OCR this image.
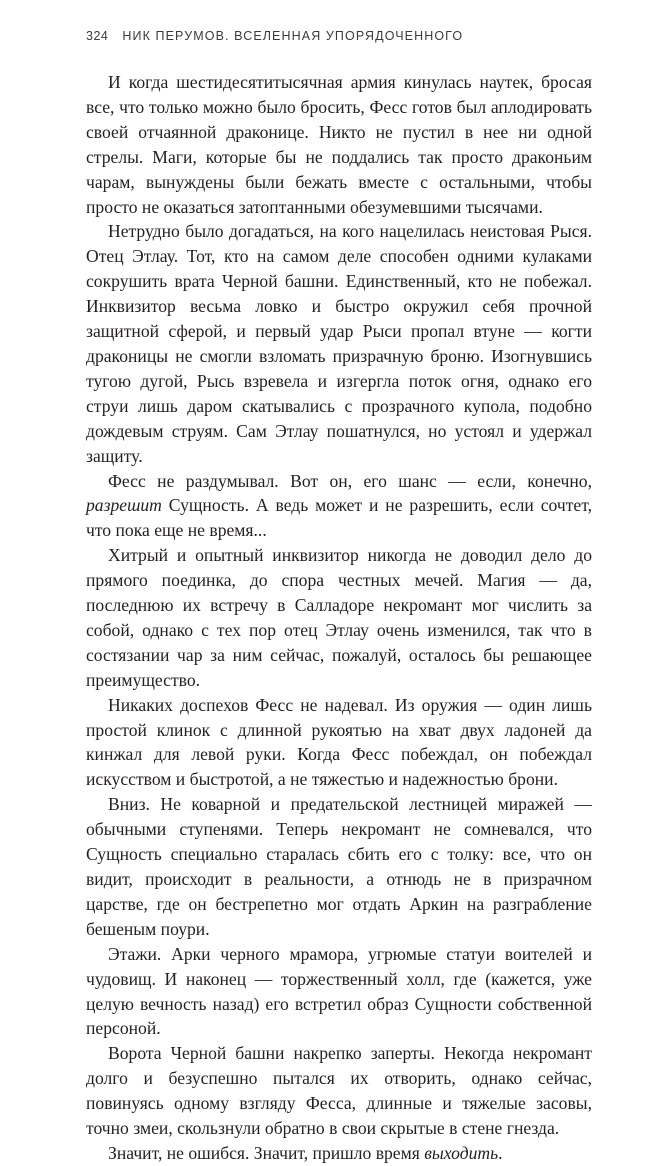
324 НИК ПЕРУМОВ. ВСЕЛЕННАЯ УПОРЯДОЧЕННОГО

И когда шестидесятитысячная армия кинулась наутек, бросая все, что только можно было бросить, Фесс готов был аплодировать своей отчаянной драконице. Никто не пустил в нее ни одной стрелы. Маги, которые бы не поддались так просто драконьим чарам, вынуждены были бежать вместе с остальными, чтобы просто не оказаться затоптанными обезумевшими тысячами.

Нетрудно было догадаться, на кого нацелилась неистовая Рыся. Отец Этлау. Тот, кто на самом деле способен одними кулаками сокрушить врата Черной башни. Единственный, кто не побежал. Инквизитор весьма ловко и быстро окружил себя прочной защитной сферой, и первый удар Рыси пропал втуне — когти драконицы не смогли взломать призрачную броню. Изогнувшись тугою дугой, Рысь взревела и изгергла поток огня, однако его струи лишь даром скатывались с прозрачного купола, подобно дождевым струям. Сам Этлау пошатнулся, но устоял и удержал защиту.

Фесс не раздумывал. Вот он, его шанс — если, конечно, разрешит Сущность. А ведь может и не разрешить, если сочтет, что пока еще не время...

Хитрый и опытный инквизитор никогда не доводил дело до прямого поединка, до спора честных мечей. Магия — да, последнюю их встречу в Салладоре некромант мог числить за собой, однако с тех пор отец Этлау очень изменился, так что в состязании чар за ним сейчас, пожалуй, осталось бы решающее преимущество.

Никаких доспехов Фесс не надевал. Из оружия — один лишь простой клинок с длинной рукоятью на хват двух ладоней да кинжал для левой руки. Когда Фесс побеждал, он побеждал искусством и быстротой, а не тяжестью и надежностью брони.

Вниз. Не коварной и предательской лестницей миражей — обычными ступенями. Теперь некромант не сомневался, что Сущность специально старалась сбить его с толку: все, что он видит, происходит в реальности, а отнюдь не в призрачном царстве, где он бестрепетно мог отдать Аркин на разграбление бешеным поури.

Этажи. Арки черного мрамора, угрюмые статуи воителей и чудовищ. И наконец — торжественный холл, где (кажется, уже целую вечность назад) его встретил образ Сущности собственной персоной.

Ворота Черной башни накрепко заперты. Некогда некромант долго и безуспешно пытался их отворить, однако сейчас, повинуясь одному взгляду Фесса, длинные и тяжелые засовы, точно змеи, скользнули обратно в свои скрытые в стене гнезда.

Значит, не ошибся. Значит, пришло время выходить.
